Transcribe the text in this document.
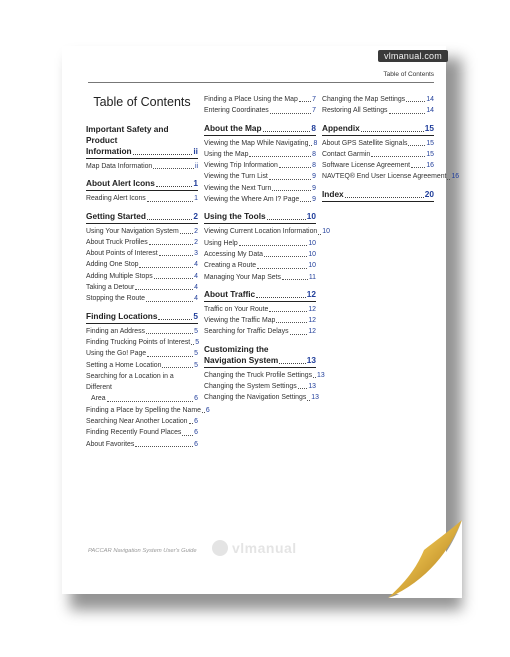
vlmanual.com
Table of Contents
Table of Contents
Important Safety and Product
Information	ii
Map Data Information	ii
About Alert Icons	1
Reading Alert Icons	1
Getting Started	2
Using Your Navigation System 2
About Truck Profiles	2
About Points of Interest	3
Adding One Stop	4
Adding Multiple Stops	4
Taking a Detour	4
Stopping the Route	4
Finding Locations	5
Finding an Address	5
Finding Trucking Points of Interest 5
Using the Go! Page	5
Setting a Home Location	5
Searching for a Location in a Different
Area	6
Finding a Place by Spelling the Name 6
Searching Near Another Location 6
Finding Recently Found Places 6
About Favorites	6
Finding a Place Using the Map 7
Entering Coordinates	7
About the Map	8
Viewing the Map While Navigating 8
Using the Map	8
Viewing Trip Information	8
Viewing the Turn List	9
Viewing the Next Turn	9
Viewing the Where Am I? Page 9
Using the Tools	10
Viewing Current Location Information 10
Using Help	10
Accessing My Data	10
Creating a Route	10
Managing Your Map Sets	11
About Traffic	12
Traffic on Your Route	12
Viewing the Traffic Map	12
Searching for Traffic Delays	12
Customizing the
Navigation System	13
Changing the Truck Profile Settings 13
Changing the System Settings 13
Changing the Navigation Settings 13
Changing the Map Settings	14
Restoring All Settings	14
Appendix	15
About GPS Satellite Signals	15
Contact Garmin	15
Software License Agreement 16
NAVTEQ® End User License Agreement 16
Index	20
PACCAR Navigation System User's Guide	vlmanual
